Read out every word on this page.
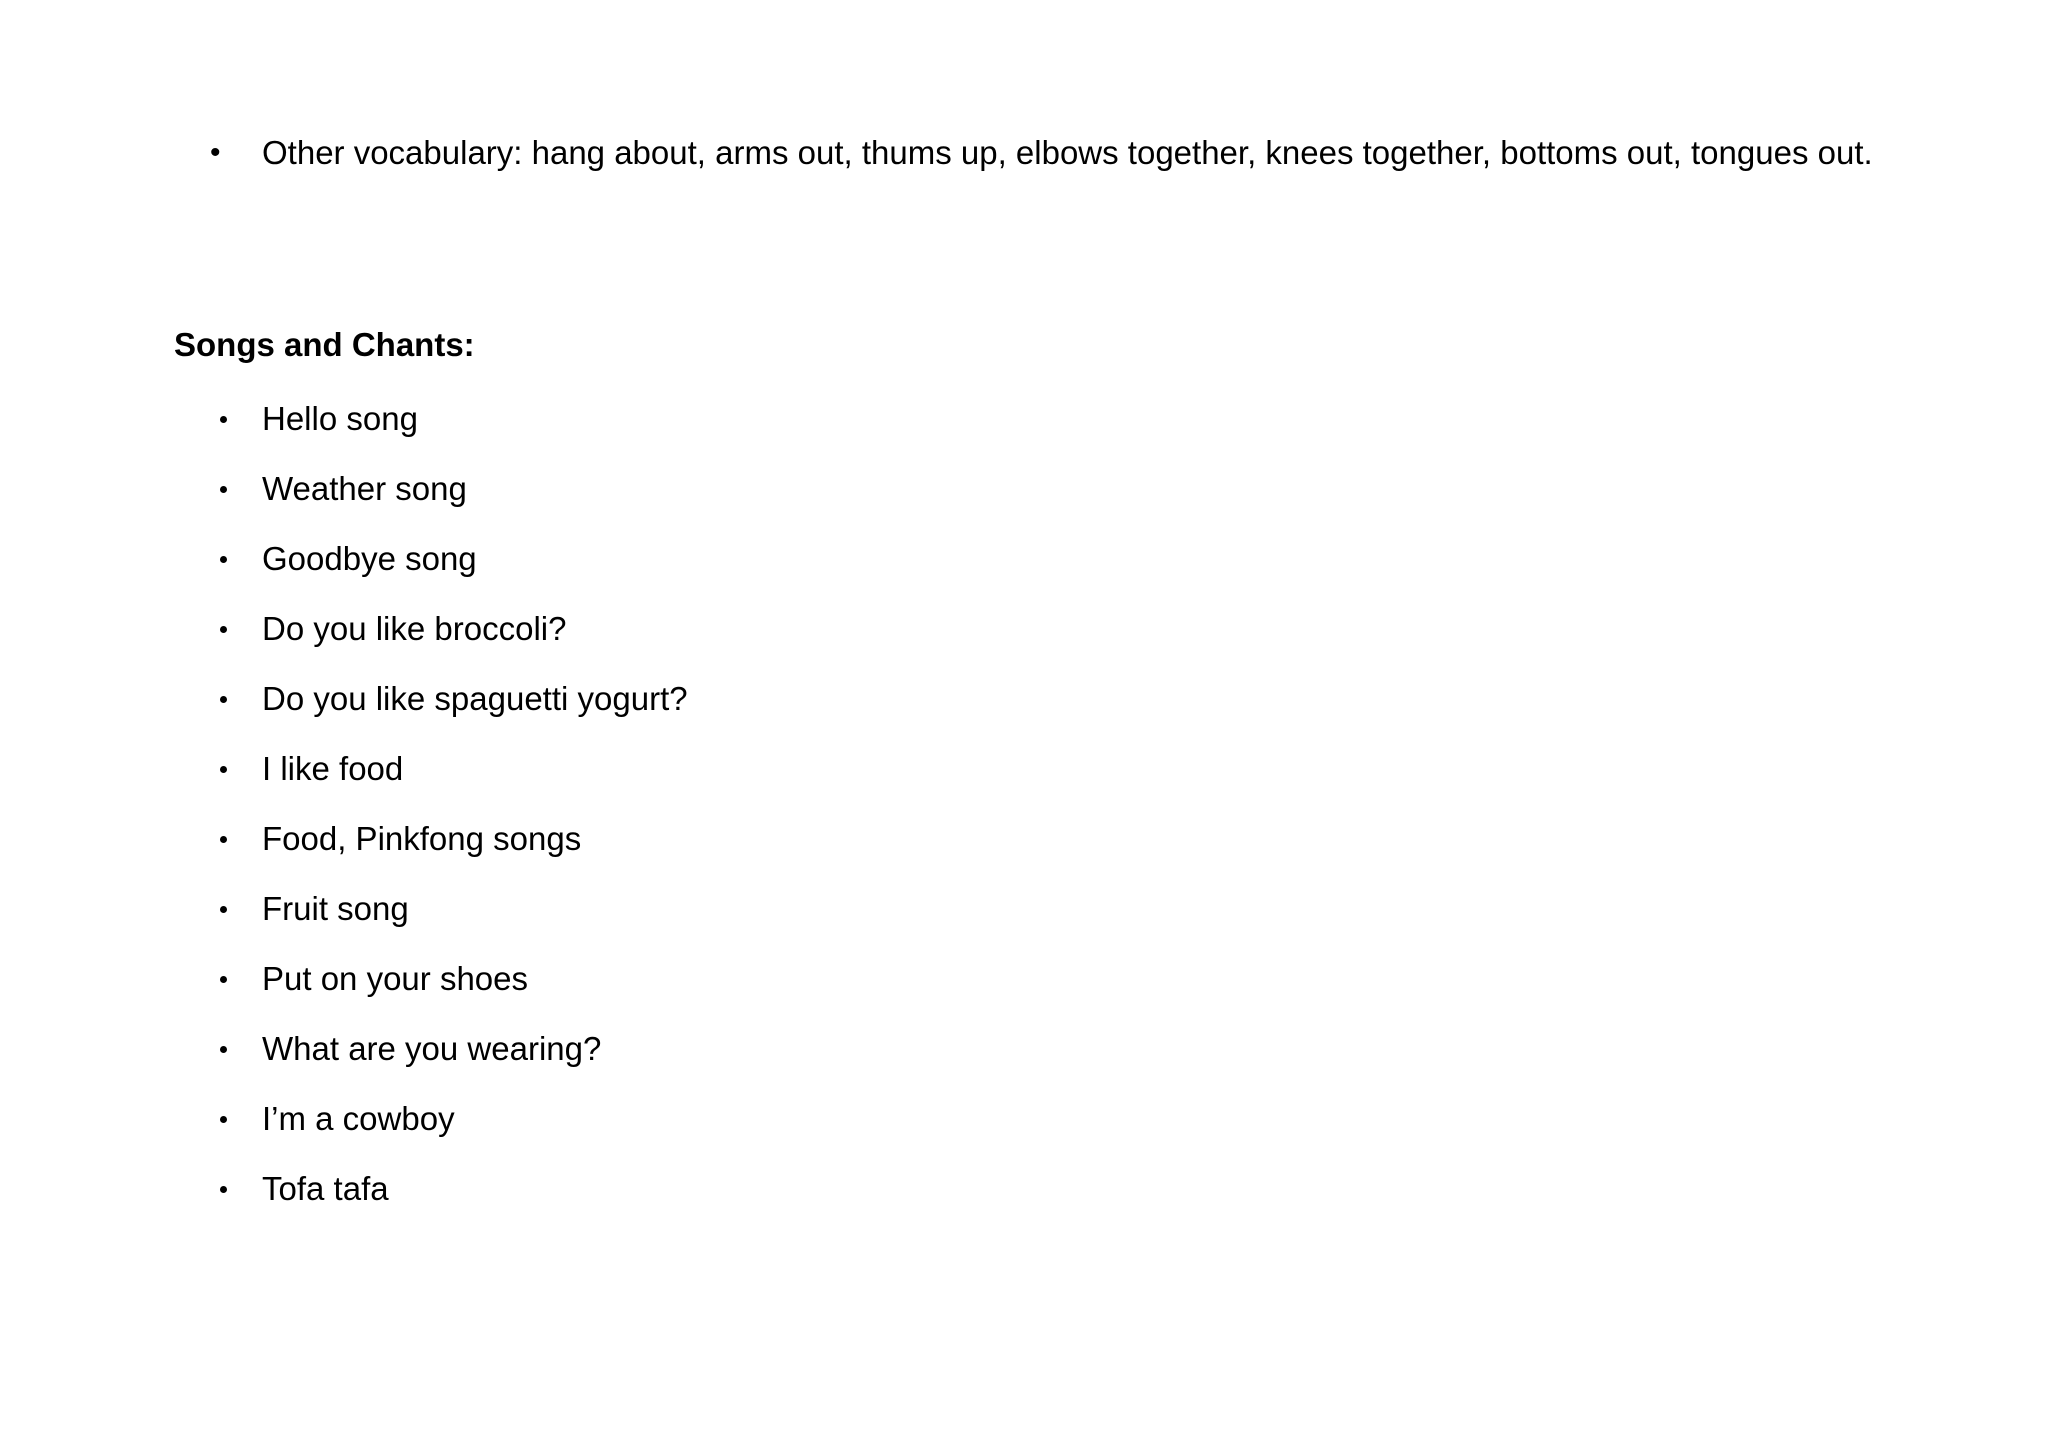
•	Other vocabulary: hang about, arms out, thums up, elbows together, knees together, bottoms out, tongues out.
Songs and Chants:
Hello song
Weather song
Goodbye song
Do you like broccoli?
Do you like spaguetti yogurt?
I like food
Food, Pinkfong songs
Fruit song
Put on your shoes
What are you wearing?
I’m a cowboy
Tofa tafa
